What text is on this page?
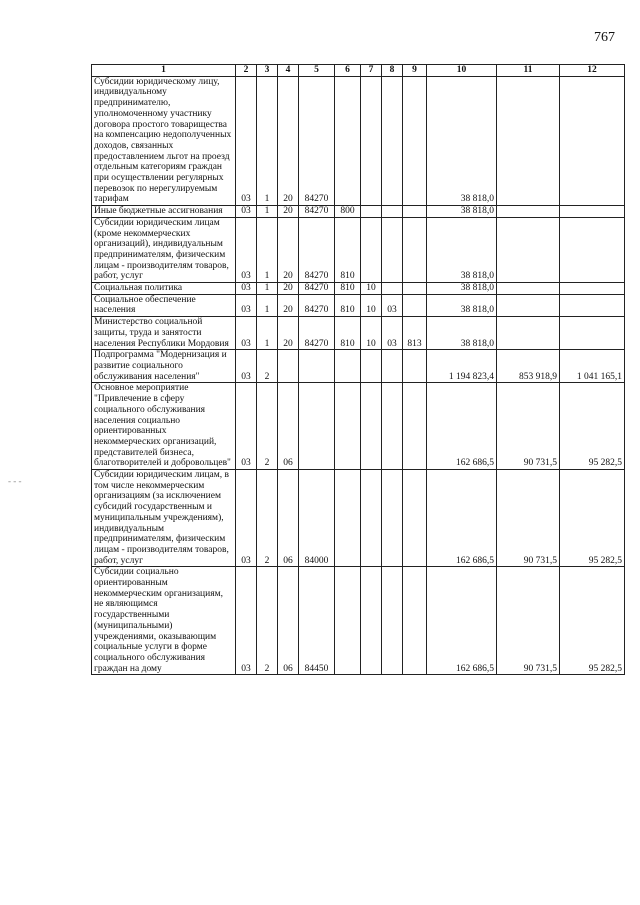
767
1	2	3	4	5	6	7	8	9	10	11	12
Субсидии юридическому лицу, индивидуальному предпринимателю, уполномоченному участнику договора простого товарищества на компенсацию недополученных доходов, связанных предоставлением льгот на проезд отдельным категориям граждан при осуществлении регулярных перевозок по нерегулируемым тарифам	03	1	20	84270					38 818,0		
Иные бюджетные ассигнования	03	1	20	84270	800				38 818,0		
Субсидии юридическим лицам (кроме некоммерческих организаций), индивидуальным предпринимателям, физическим лицам - производителям товаров, работ, услуг	03	1	20	84270	810				38 818,0		
Социальная политика	03	1	20	84270	810	10			38 818,0		
Социальное обеспечение населения	03	1	20	84270	810	10	03		38 818,0		
Министерство социальной защиты, труда и занятости населения Республики Мордовия	03	1	20	84270	810	10	03	813	38 818,0		
Подпрограмма "Модернизация и развитие социального обслуживания населения"	03	2							1 194 823,4	853 918,9	1 041 165,1
Основное мероприятие "Привлечение в сферу социального обслуживания населения социально ориентированных некоммерческих организаций, представителей бизнеса, благотворителей и добровольцев"	03	2	06						162 686,5	90 731,5	95 282,5
Субсидии юридическим лицам, в том числе некоммерческим организациям (за исключением субсидий государственным и муниципальным учреждениям), индивидуальным предпринимателям, физическим лицам - производителям товаров, работ, услуг	03	2	06	84000					162 686,5	90 731,5	95 282,5
Субсидии социально ориентированным некоммерческим организациям, не являющимся государственными (муниципальными) учреждениями, оказывающим социальные услуги в форме социального обслуживания граждан на дому	03	2	06	84450					162 686,5	90 731,5	95 282,5
- - -
